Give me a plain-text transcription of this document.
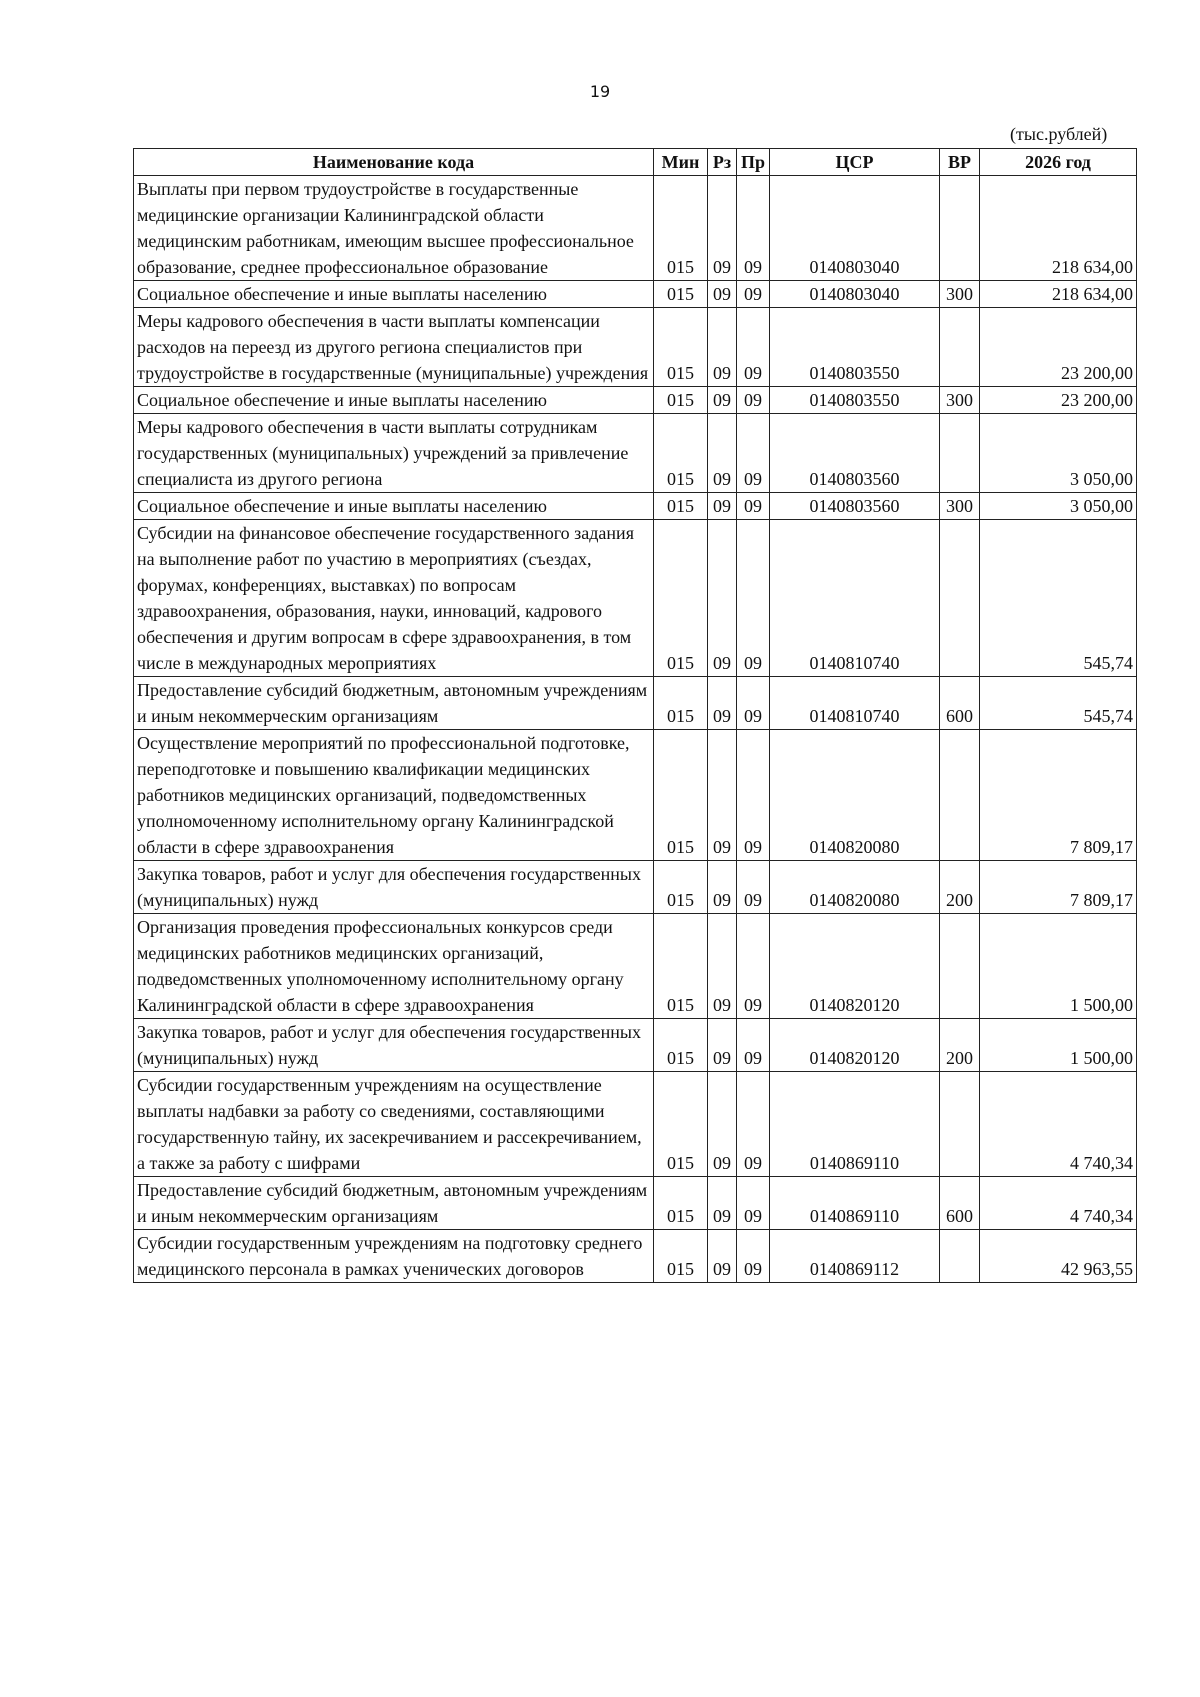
19
(тыс.рублей)
Наименование кода	Мин	Рз	Пр	ЦСР	ВР	2026 год
Выплаты при первом трудоустройстве в государственные медицинские организации Калининградской области медицинским работникам, имеющим высшее профессиональное образование, среднее профессиональное образование	015	09	09	0140803040		218 634,00
Социальное обеспечение и иные выплаты населению	015	09	09	0140803040	300	218 634,00
Меры кадрового обеспечения в части выплаты компенсации расходов на переезд из другого региона специалистов при трудоустройстве в государственные (муниципальные) учреждения	015	09	09	0140803550		23 200,00
Социальное обеспечение и иные выплаты населению	015	09	09	0140803550	300	23 200,00
Меры кадрового обеспечения в части выплаты сотрудникам государственных (муниципальных) учреждений за привлечение специалиста из другого региона	015	09	09	0140803560		3 050,00
Социальное обеспечение и иные выплаты населению	015	09	09	0140803560	300	3 050,00
Субсидии на финансовое обеспечение государственного задания на выполнение работ по участию в мероприятиях (съездах, форумах, конференциях, выставках) по вопросам здравоохранения, образования, науки, инноваций, кадрового обеспечения и другим вопросам в сфере здравоохранения, в том числе в международных мероприятиях	015	09	09	0140810740		545,74
Предоставление субсидий бюджетным, автономным учреждениям и иным некоммерческим организациям	015	09	09	0140810740	600	545,74
Осуществление мероприятий по профессиональной подготовке, переподготовке и повышению квалификации медицинских работников медицинских организаций, подведомственных уполномоченному исполнительному органу Калининградской области в сфере здравоохранения	015	09	09	0140820080		7 809,17
Закупка товаров, работ и услуг для обеспечения государственных (муниципальных) нужд	015	09	09	0140820080	200	7 809,17
Организация проведения профессиональных конкурсов среди медицинских работников медицинских организаций, подведомственных уполномоченному исполнительному органу Калининградской области в сфере здравоохранения	015	09	09	0140820120		1 500,00
Закупка товаров, работ и услуг для обеспечения государственных (муниципальных) нужд	015	09	09	0140820120	200	1 500,00
Субсидии государственным учреждениям на осуществление выплаты надбавки за работу со сведениями, составляющими государственную тайну, их засекречиванием и рассекречиванием, а также за работу с шифрами	015	09	09	0140869110		4 740,34
Предоставление субсидий бюджетным, автономным учреждениям и иным некоммерческим организациям	015	09	09	0140869110	600	4 740,34
Субсидии государственным учреждениям на подготовку среднего медицинского персонала в рамках ученических договоров	015	09	09	0140869112		42 963,55
